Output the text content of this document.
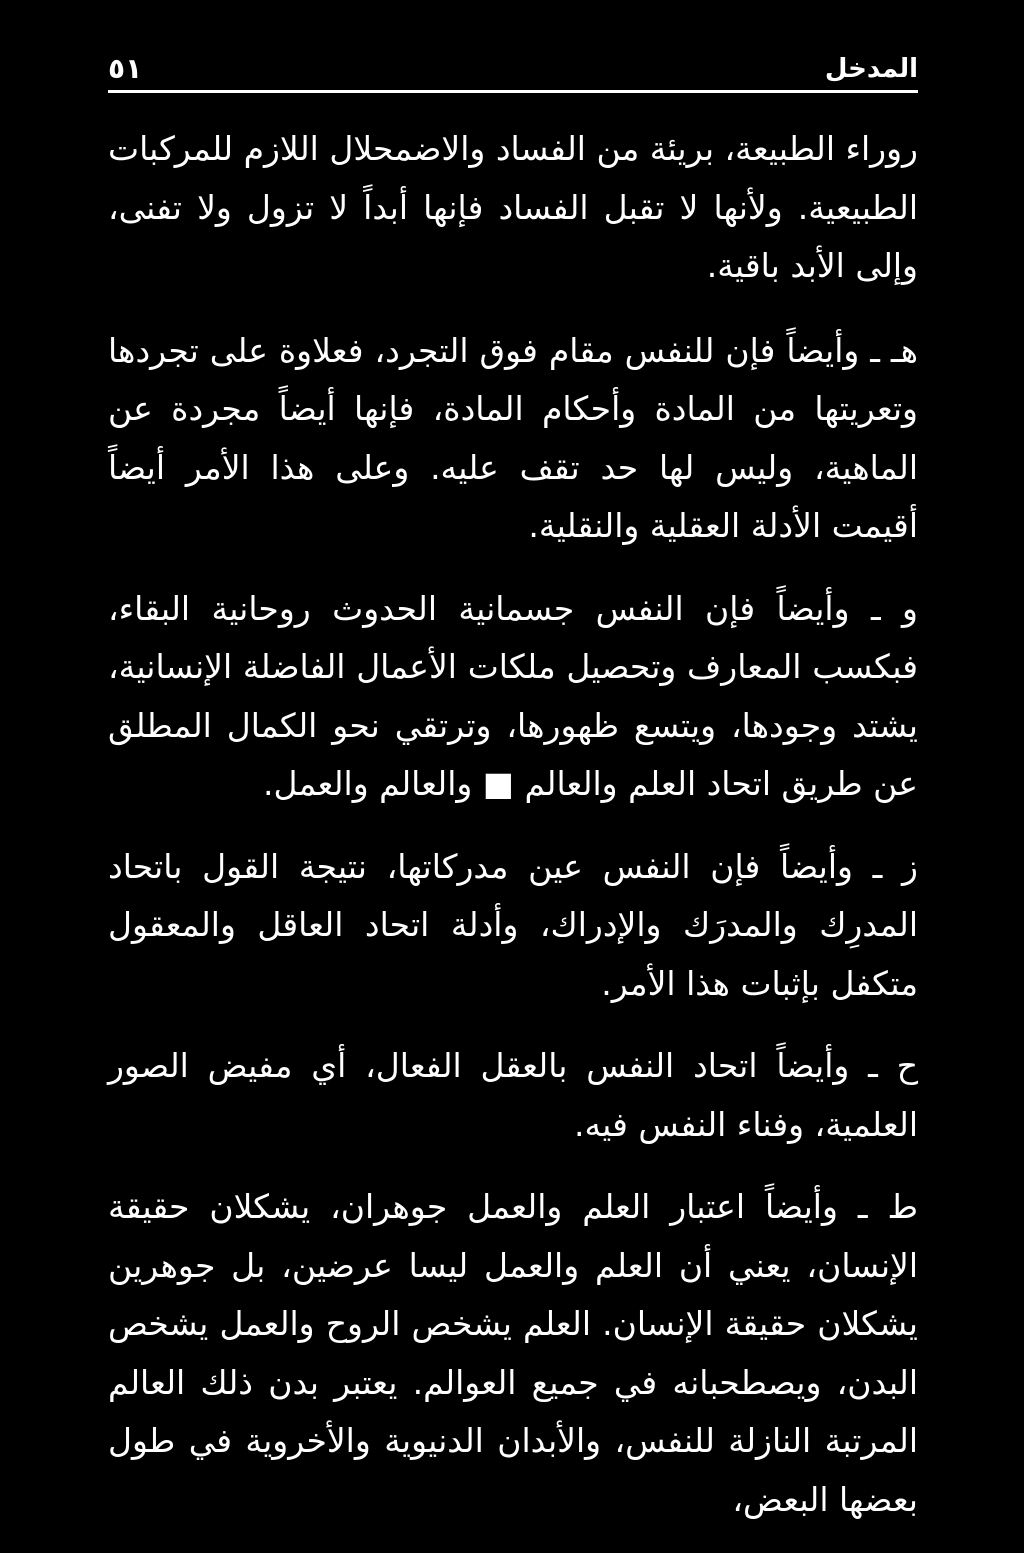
المدخل
٥١

روراء الطبيعة، بريئة من الفساد والاضمحلال اللازم للمركبات الطبيعية. ولأنها لا تقبل الفساد فإنها أبداً لا تزول ولا تفنى، وإلى الأبد باقية.

هـ ـ وأيضاً فإن للنفس مقام فوق التجرد، فعلاوة على تجردها وتعريتها من المادة وأحكام المادة، فإنها أيضاً مجردة عن الماهية، وليس لها حد تقف عليه. وعلى هذا الأمر أيضاً أقيمت الأدلة العقلية والنقلية.

و ـ وأيضاً فإن النفس جسمانية الحدوث روحانية البقاء، فبكسب المعارف وتحصيل ملكات الأعمال الفاضلة الإنسانية، يشتد وجودها، ويتسع ظهورها، وترتقي نحو الكمال المطلق عن طريق اتحاد العلم والعالم ■ والعالم والعمل.

ز ـ وأيضاً فإن النفس عين مدركاتها، نتيجة القول باتحاد المدرِك والمدرَك والإدراك، وأدلة اتحاد العاقل والمعقول متكفل بإثبات هذا الأمر.

ح ـ وأيضاً اتحاد النفس بالعقل الفعال، أي مفيض الصور العلمية، وفناء النفس فيه.

ط ـ وأيضاً اعتبار العلم والعمل جوهران، يشكلان حقيقة الإنسان، يعني أن العلم والعمل ليسا عرضين، بل جوهرين يشكلان حقيقة الإنسان. العلم يشخص الروح والعمل يشخص البدن، ويصطحبانه في جميع العوالم. يعتبر بدن ذلك العالم المرتبة النازلة للنفس، والأبدان الدنيوية والأخروية في طول بعضها البعض،
